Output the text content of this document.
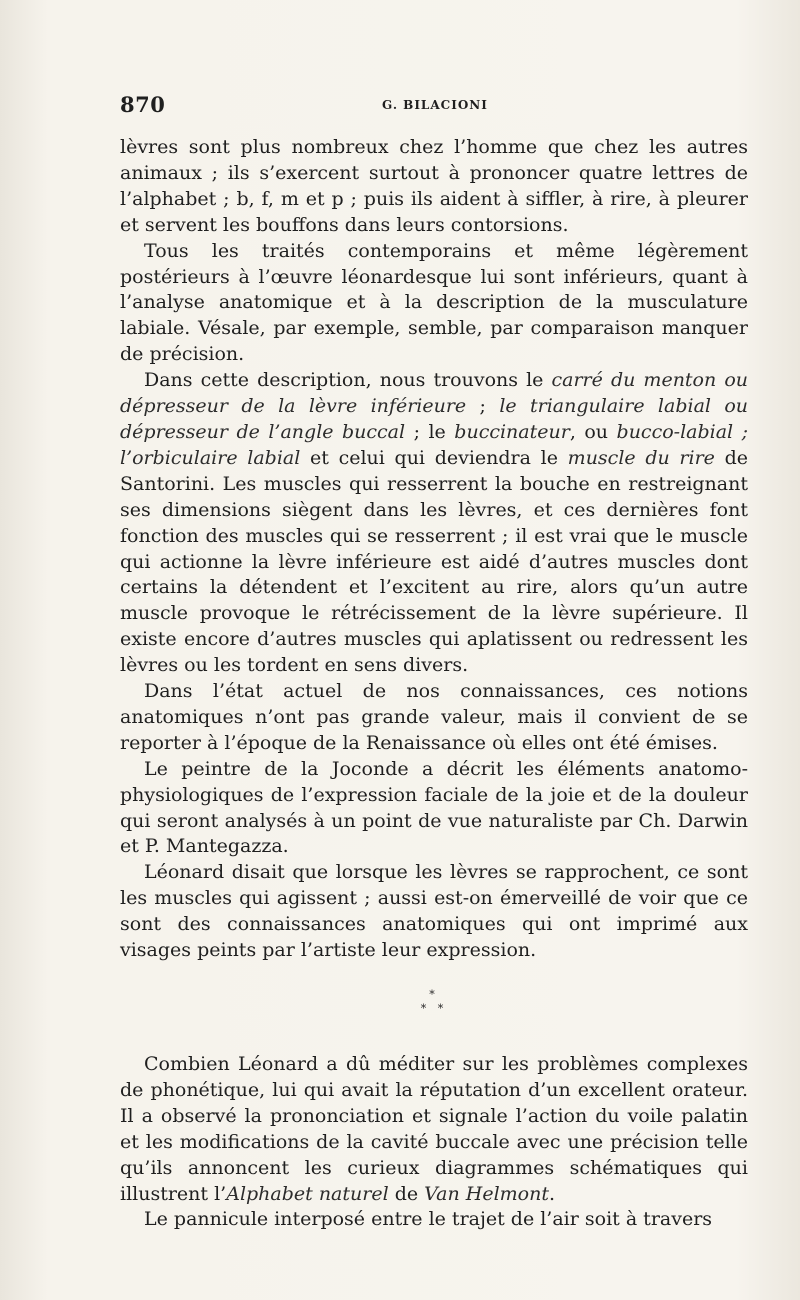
870	G. BILACIONI

lèvres sont plus nombreux chez l’homme que chez les autres animaux ; ils s’exercent surtout à prononcer quatre lettres de l’alphabet ; b, f, m et p ; puis ils aident à siffler, à rire, à pleurer et servent les bouffons dans leurs contorsions.

Tous les traités contemporains et même légèrement postérieurs à l’œuvre léonardesque lui sont inférieurs, quant à l’analyse anatomique et à la description de la musculature labiale. Vésale, par exemple, semble, par comparaison manquer de précision.

Dans cette description, nous trouvons le carré du menton ou dépresseur de la lèvre inférieure ; le triangulaire labial ou dépresseur de l’angle buccal ; le buccinateur, ou bucco-labial ; l’orbiculaire labial et celui qui deviendra le muscle du rire de Santorini. Les muscles qui resserrent la bouche en restreignant ses dimensions siègent dans les lèvres, et ces dernières font fonction des muscles qui se resserrent ; il est vrai que le muscle qui actionne la lèvre inférieure est aidé d’autres muscles dont certains la détendent et l’excitent au rire, alors qu’un autre muscle provoque le rétrécissement de la lèvre supérieure. Il existe encore d’autres muscles qui aplatissent ou redressent les lèvres ou les tordent en sens divers.

Dans l’état actuel de nos connaissances, ces notions anatomiques n’ont pas grande valeur, mais il convient de se reporter à l’époque de la Renaissance où elles ont été émises.

Le peintre de la Joconde a décrit les éléments anatomo-physiologiques de l’expression faciale de la joie et de la douleur qui seront analysés à un point de vue naturaliste par Ch. Darwin et P. Mantegazza.

Léonard disait que lorsque les lèvres se rapprochent, ce sont les muscles qui agissent ; aussi est-on émerveillé de voir que ce sont des connaissances anatomiques qui ont imprimé aux visages peints par l’artiste leur expression.

*
* *

Combien Léonard a dû méditer sur les problèmes complexes de phonétique, lui qui avait la réputation d’un excellent orateur. Il a observé la prononciation et signale l’action du voile palatin et les modifications de la cavité buccale avec une précision telle qu’ils annoncent les curieux diagrammes schématiques qui illustrent l’Alphabet naturel de Van Helmont.

Le pannicule interposé entre le trajet de l’air soit à travers
